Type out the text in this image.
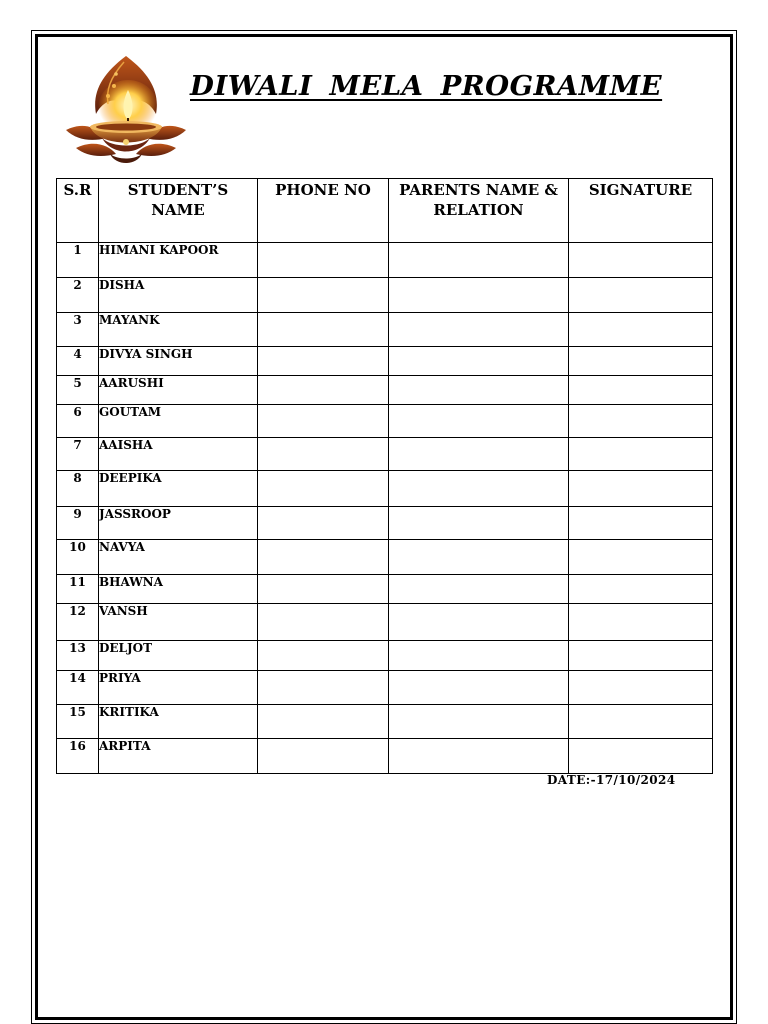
DIWALI MELA PROGRAMME
S.R	STUDENT’S NAME	PHONE NO	PARENTS NAME & RELATION	SIGNATURE
1	HIMANI KAPOOR			
2	DISHA			
3	MAYANK			
4	DIVYA SINGH			
5	AARUSHI			
6	GOUTAM			
7	AAISHA			
8	DEEPIKA			
9	JASSROOP			
10	NAVYA			
11	BHAWNA			
12	VANSH			
13	DELJOT			
14	PRIYA			
15	KRITIKA			
16	ARPITA			
DATE:-17/10/2024
